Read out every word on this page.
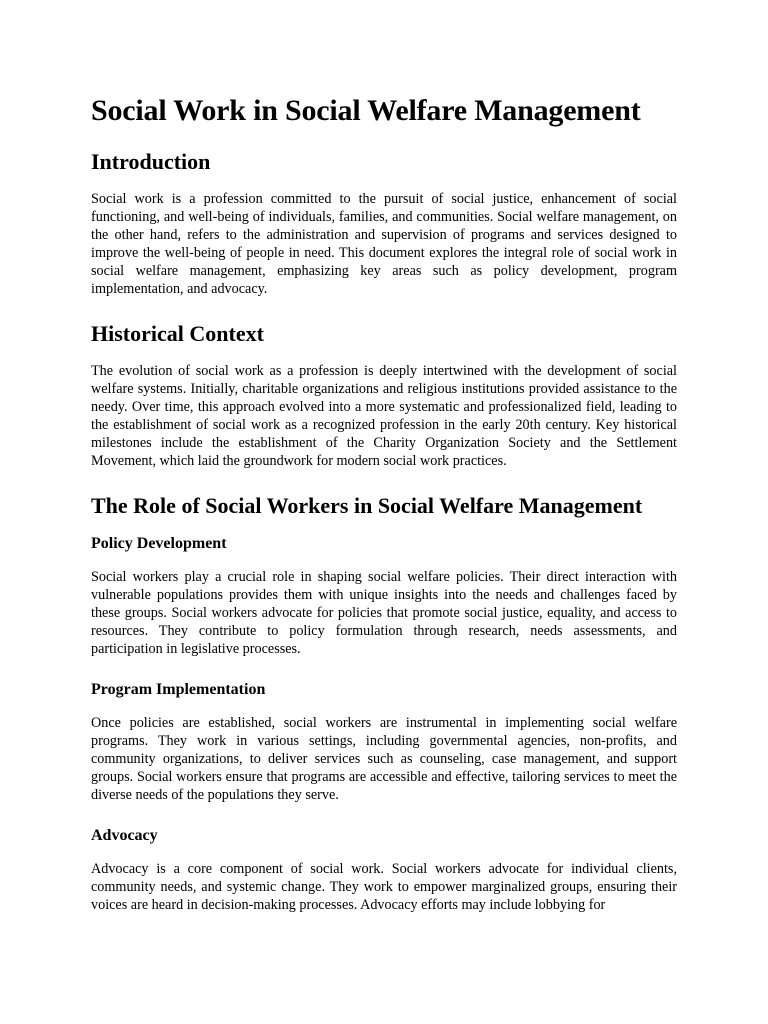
Social Work in Social Welfare Management
Introduction

Social work is a profession committed to the pursuit of social justice, enhancement of social functioning, and well-being of individuals, families, and communities. Social welfare management, on the other hand, refers to the administration and supervision of programs and services designed to improve the well-being of people in need. This document explores the integral role of social work in social welfare management, emphasizing key areas such as policy development, program implementation, and advocacy.

Historical Context

The evolution of social work as a profession is deeply intertwined with the development of social welfare systems. Initially, charitable organizations and religious institutions provided assistance to the needy. Over time, this approach evolved into a more systematic and professionalized field, leading to the establishment of social work as a recognized profession in the early 20th century. Key historical milestones include the establishment of the Charity Organization Society and the Settlement Movement, which laid the groundwork for modern social work practices.

The Role of Social Workers in Social Welfare Management
Policy Development

Social workers play a crucial role in shaping social welfare policies. Their direct interaction with vulnerable populations provides them with unique insights into the needs and challenges faced by these groups. Social workers advocate for policies that promote social justice, equality, and access to resources. They contribute to policy formulation through research, needs assessments, and participation in legislative processes.

Program Implementation

Once policies are established, social workers are instrumental in implementing social welfare programs. They work in various settings, including governmental agencies, non-profits, and community organizations, to deliver services such as counseling, case management, and support groups. Social workers ensure that programs are accessible and effective, tailoring services to meet the diverse needs of the populations they serve.

Advocacy

Advocacy is a core component of social work. Social workers advocate for individual clients, community needs, and systemic change. They work to empower marginalized groups, ensuring their voices are heard in decision-making processes. Advocacy efforts may include lobbying for
